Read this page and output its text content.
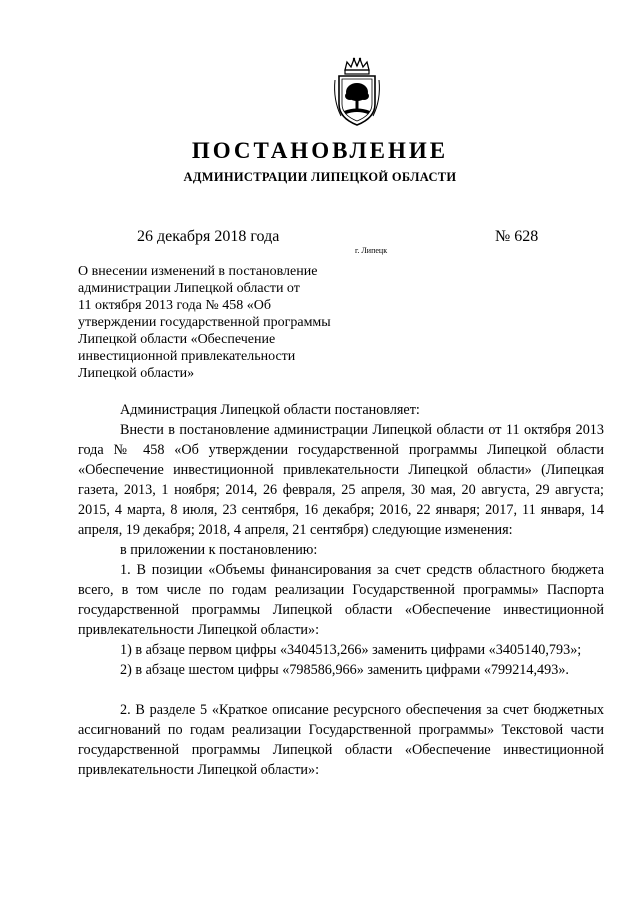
ПОСТАНОВЛЕНИЕ
АДМИНИСТРАЦИИ ЛИПЕЦКОЙ ОБЛАСТИ
26 декабря 2018 года
г. Липецк
№ 628
О внесении изменений в постановление
администрации Липецкой области от
11 октября 2013 года № 458 «Об
утверждении государственной программы
Липецкой области «Обеспечение
инвестиционной привлекательности
Липецкой области»

Администрация Липецкой области постановляет:

Внести в постановление администрации Липецкой области от 11 октября 2013 года № 458 «Об утверждении государственной программы Липецкой области «Обеспечение инвестиционной привлекательности Липецкой области» (Липецкая газета, 2013, 1 ноября; 2014, 26 февраля, 25 апреля, 30 мая, 20 августа, 29 августа; 2015, 4 марта, 8 июля, 23 сентября, 16 декабря; 2016, 22 января; 2017, 11 января, 14 апреля, 19 декабря; 2018, 4 апреля, 21 сентября) следующие изменения:

в приложении к постановлению:

1. В позиции «Объемы финансирования за счет средств областного бюджета всего, в том числе по годам реализации Государственной программы» Паспорта государственной программы Липецкой области «Обеспечение инвестиционной привлекательности Липецкой области»:

1) в абзаце первом цифры «3404513,266» заменить цифрами «3405140,793»;

2) в абзаце шестом цифры «798586,966» заменить цифрами «799214,493».

2. В разделе 5 «Краткое описание ресурсного обеспечения за счет бюджетных ассигнований по годам реализации Государственной программы» Текстовой части государственной программы Липецкой области «Обеспечение инвестиционной привлекательности Липецкой области»:
